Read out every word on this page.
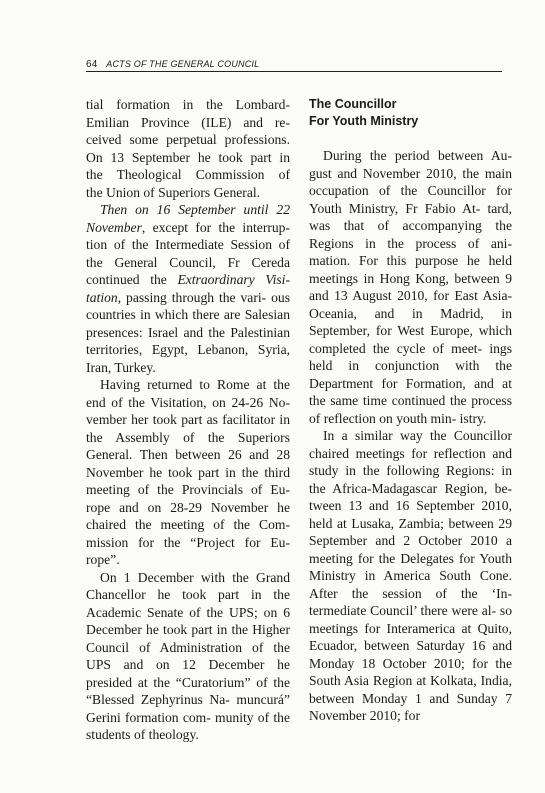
64 ACTS OF THE GENERAL COUNCIL

tial formation in the Lombard-
Emilian Province (ILE) and re-
ceived some perpetual professions.
On 13 September he took part in
the Theological Commission of
the Union of Superiors General.

Then on 16 September until 22 November, except for the interrup- tion of the Intermediate Session of the General Council, Fr Cereda continued the Extraordinary Visi- tation, passing through the vari- ous countries in which there are Salesian presences: Israel and the Palestinian territories, Egypt, Lebanon, Syria, Iran, Turkey.

Having returned to Rome at the end of the Visitation, on 24-26 No- vember her took part as facilitator in the Assembly of the Superiors General. Then between 26 and 28 November he took part in the third meeting of the Provincials of Eu- rope and on 28-29 November he chaired the meeting of the Com- mission for the “Project for Eu- rope”.

On 1 December with the Grand Chancellor he took part in the Academic Senate of the UPS; on 6 December he took part in the Higher Council of Administration of the UPS and on 12 December he presided at the “Curatorium” of the “Blessed Zephyrinus Na- muncurá” Gerini formation com- munity of the students of theology.

The Councillor
For Youth Ministry

During the period between Au- gust and November 2010, the main occupation of the Councillor for Youth Ministry, Fr Fabio At- tard, was that of accompanying the Regions in the process of ani- mation. For this purpose he held meetings in Hong Kong, between 9 and 13 August 2010, for East Asia-Oceania, and in Madrid, in September, for West Europe, which completed the cycle of meet- ings held in conjunction with the Department for Formation, and at the same time continued the process of reflection on youth min- istry.

In a similar way the Councillor chaired meetings for reflection and study in the following Regions: in the Africa-Madagascar Region, be- tween 13 and 16 September 2010, held at Lusaka, Zambia; between 29 September and 2 October 2010 a meeting for the Delegates for Youth Ministry in America South Cone. After the session of the ‘In- termediate Council’ there were al- so meetings for Interamerica at Quito, Ecuador, between Saturday 16 and Monday 18 October 2010; for the South Asia Region at Kolkata, India, between Monday 1 and Sunday 7 November 2010; for
